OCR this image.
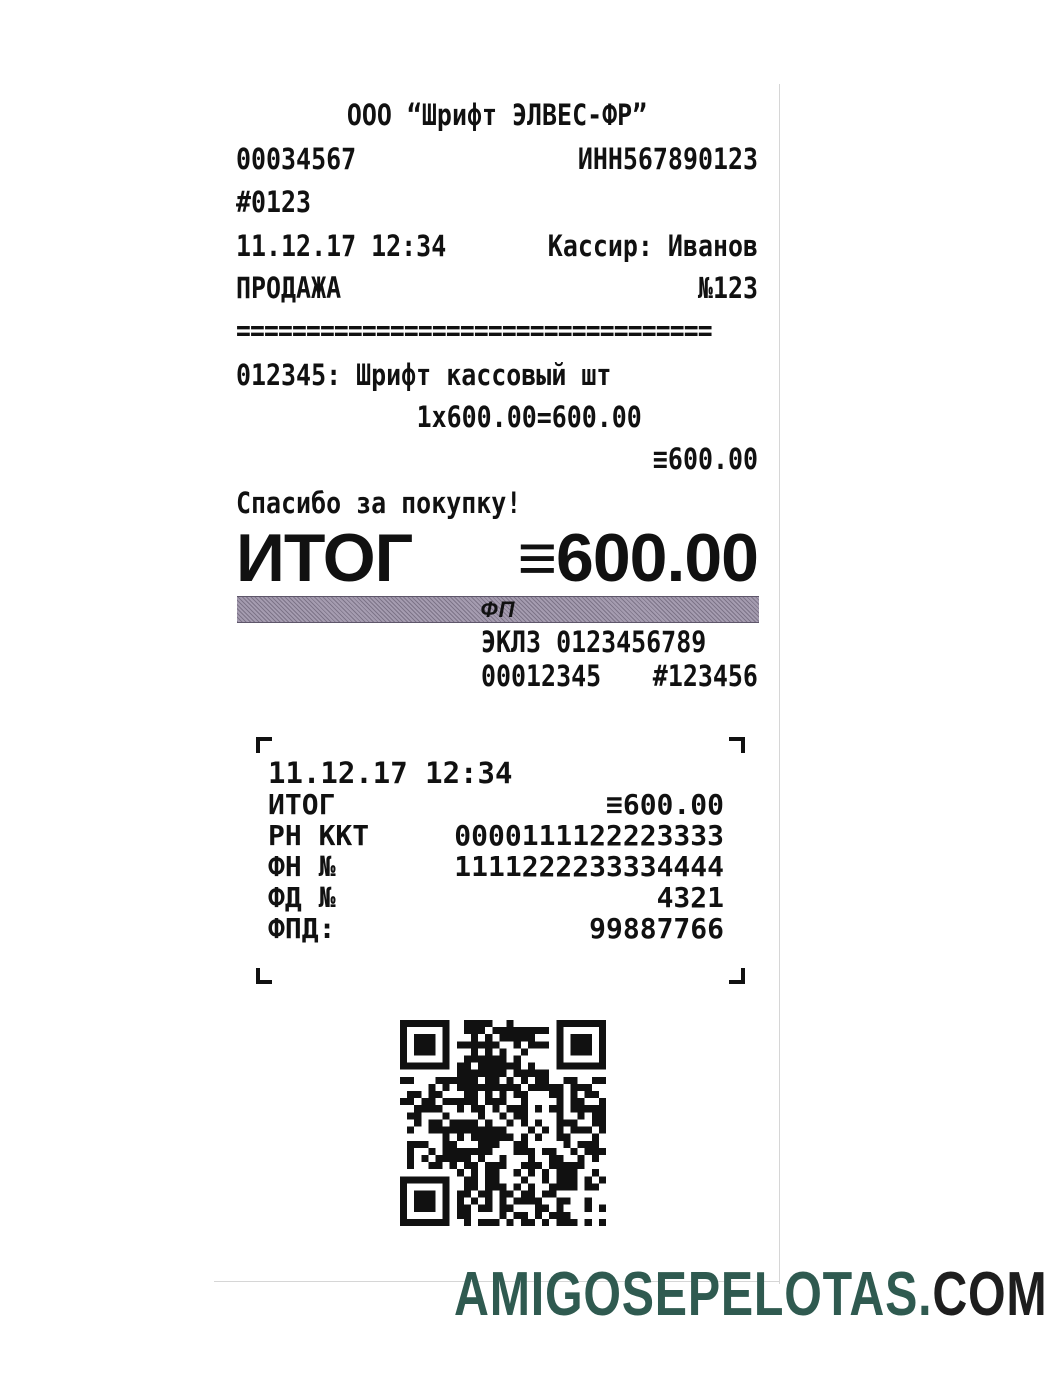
ООО “Шрифт ЭЛВЕС-ФР”
00034567	ИНН567890123
#0123
11.12.17 12:34	Кассир: Иванов
ПРОДАЖА	№123
==================================
012345: Шрифт кассовый шт
1x600.00=600.00
≡600.00
Спасибо за покупку!
ИТОГ ≡600.00
ФП
ЭКЛЗ 0123456789
00012345 #123456
11.12.17 12:34
ИТОГ	≡600.00
РН ККТ	0000111122223333
ФН №	1111222233334444
ФД №	4321
ФПД:	99887766
AMIGOSEPELOTAS.COM
